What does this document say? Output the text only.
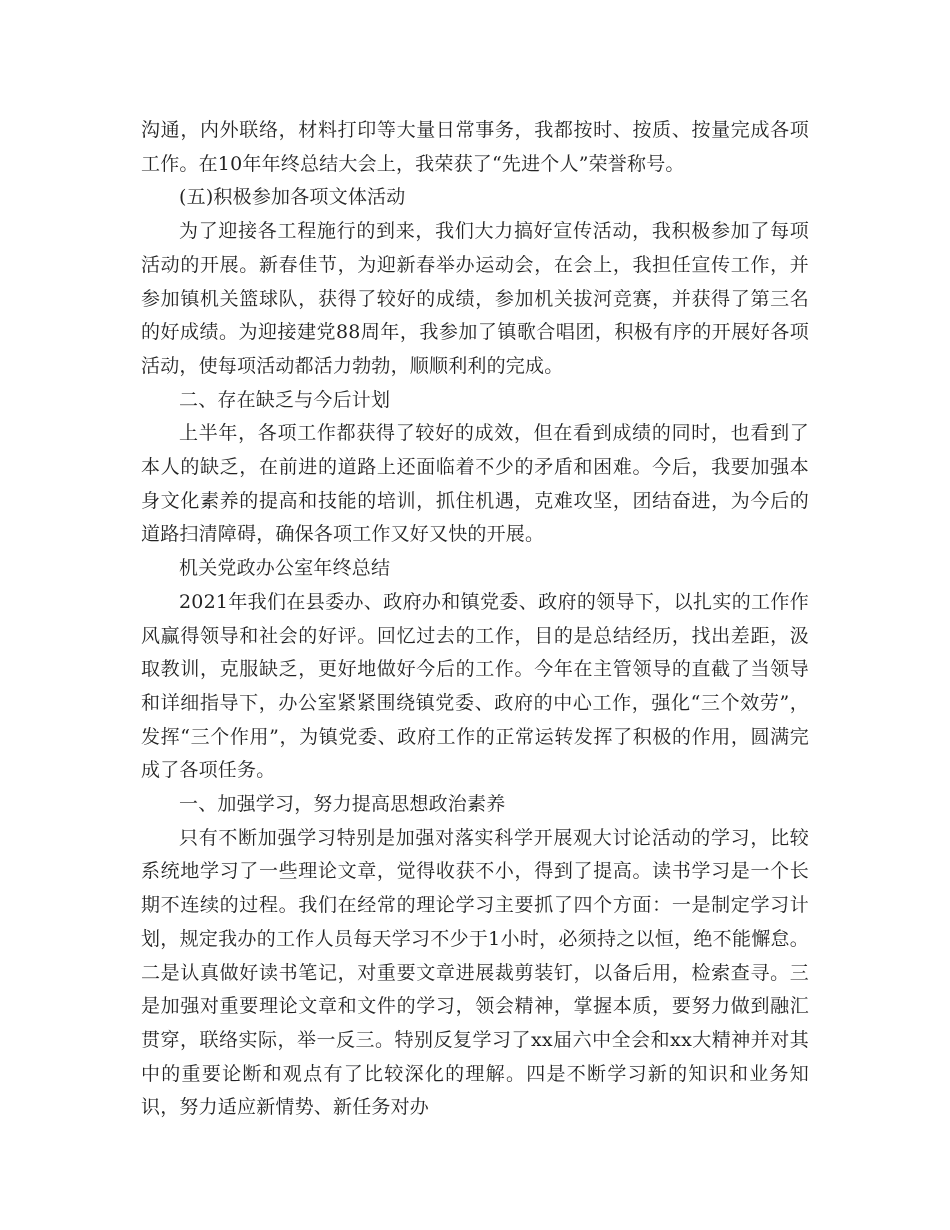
沟通，内外联络，材料打印等大量日常事务，我都按时、按质、按量完成各项工作。在10年年终总结大会上，我荣获了“先进个人”荣誉称号。

(五)积极参加各项文体活动

为了迎接各工程施行的到来，我们大力搞好宣传活动，我积极参加了每项活动的开展。新春佳节，为迎新春举办运动会，在会上，我担任宣传工作，并参加镇机关篮球队，获得了较好的成绩，参加机关拔河竞赛，并获得了第三名的好成绩。为迎接建党88周年，我参加了镇歌合唱团，积极有序的开展好各项活动，使每项活动都活力勃勃，顺顺利利的完成。

二、存在缺乏与今后计划

上半年，各项工作都获得了较好的成效，但在看到成绩的同时，也看到了本人的缺乏，在前进的道路上还面临着不少的矛盾和困难。今后，我要加强本身文化素养的提高和技能的培训，抓住机遇，克难攻坚，团结奋进，为今后的道路扫清障碍，确保各项工作又好又快的开展。

机关党政办公室年终总结

2021年我们在县委办、政府办和镇党委、政府的领导下，以扎实的工作作风赢得领导和社会的好评。回忆过去的工作，目的是总结经历，找出差距，汲取教训，克服缺乏，更好地做好今后的工作。今年在主管领导的直截了当领导和详细指导下，办公室紧紧围绕镇党委、政府的中心工作，强化“三个效劳”，发挥“三个作用”，为镇党委、政府工作的正常运转发挥了积极的作用，圆满完成了各项任务。

一、加强学习，努力提高思想政治素养

只有不断加强学习特别是加强对落实科学开展观大讨论活动的学习，比较系统地学习了一些理论文章，觉得收获不小，得到了提高。读书学习是一个长期不连续的过程。我们在经常的理论学习主要抓了四个方面：一是制定学习计划，规定我办的工作人员每天学习不少于1小时，必须持之以恒，绝不能懈怠。二是认真做好读书笔记，对重要文章进展裁剪装钉，以备后用，检索查寻。三是加强对重要理论文章和文件的学习，领会精神，掌握本质，要努力做到融汇贯穿，联络实际，举一反三。特别反复学习了xx届六中全会和xx大精神并对其中的重要论断和观点有了比较深化的理解。四是不断学习新的知识和业务知识，努力适应新情势、新任务对办
